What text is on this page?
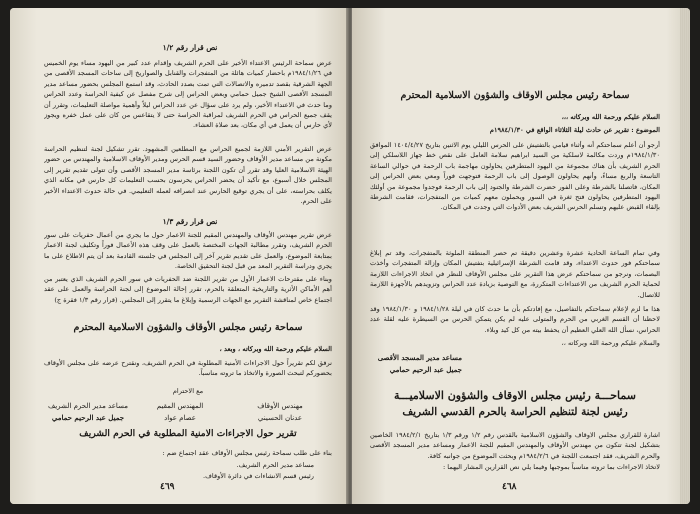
نص قرار رقم ١/٢
عرض سماحة الرئيس الاعتداء الأخير على الحرم الشريف وإقدام عدد كبير من اليهود مساء يوم الخميس في ١٩٨٤/١/٢٦م باحضار كميات هائلة من المتفجرات والقنابل والصواريخ إلى ساحات المسجد الأقصى من الجهة الشرقية بقصد تدميره والاتصالات التي تمت بصدد الحادث، وقد استمع المجلس بحضور مساعد مدير المسجد الأقصى الشيخ جميل حمامي وبعض الحراس إلى شرح مفصل عن كيفية الحراسة وعدد الحراس وما حدث في الاعتداء الأخير، ولم يرد على سؤال عن عدد الحراس ليلاً وأهمية مواصلة التعليمات، وتقرر أن يقف جميع الحراس في الحرم الشريف لمراقبة الحراسة حتى لا يتقاعس من كان على عمل خفره ويجوز لأي حارس أن يعمل في أي مكان، بعد صلاة العشاء.
عرض التقرير الأمني اللازمة لجميع الحراس مع المطلعين المشهود. تقرر تشكيل لجنة لتنظيم الحراسة مكونة من مساعد مدير الأوقاف وحضور السيد قسم الحرس ومدير الأوقاف الاسلامية والمهندس من حضور الهيئة الاسلامية العليا وقد تقرر أن تكون اللجنة برئاسة مدير المسجد الأقصى وأن تتولى تقديم تقرير إلى المجلس خلال أسبوع، مع تأكيد أن يحضر الحراس يحرسون بحسب التعليمات كل حارس في مكانه الذي يكلف بحراسته، على أن يجري توقيع الحارس عند انصرافه لعمله التعليمي. في حالة حدوث الاعتداء الأخير على الحرم.
نص قرار رقم ١/٣
عرض تقرير مهندس الأوقاف والمهندس المقيم للجنة الاعمار حول ما يجري من أعمال حفريات على سور الحرم الشريف، وتقرر مطالبة الجهات المختصة بالعمل على وقف هذه الأعمال فوراً وتكليف لجنة الاعمار بمتابعة الموضوع، والعمل على تقديم تقرير آخر إلى المجلس في جلسته القادمة بعد أن يتم الاطلاع على ما يجري ودراسة التقرير المعد من قبل لجنة التحقيق الخاصة.
وبناء على مقترحات الاعمار الأول من تقرير اللجنة ضد الحفريات في سور الحرم الشريف الذي يعتبر من أهم الأماكن الأثرية والتاريخية المتعلقة بالحرم، تقرر إحالة الموضوع إلى لجنة الحراسة والعمل على عقد اجتماع خاص لمناقشة التقرير مع الجهات الرسمية وإبلاغ ما يتقرر إلى المجلس. (قرار رقم ١/٣ فقرة ج)
سماحة رئيس مجلس الأوقاف والشؤون الاسلامية المحترم
السلام عليكم ورحمة الله وبركاته ، وبعد ،
نرفق لكم تقريراً حول الاجراءات الأمنية المطلوبة في الحرم الشريف، ونقترح عرضه على مجلس الأوقاف بحضوركم لتبحث الصورة والاتخاذ ما تروته مناسباً.
مع الاحترام
مساعد مدير الحرم الشريف
جميل عبد الرحيم حمامي
المهندس المقيم
عصام عواد
مهندس الأوقاف
عدنان الحسيني
تقرير حول الاجراءات الامنية المطلوبة في الحرم الشريف
بناء على طلب سماحة رئيس مجلس الأوقاف عقد اجتماع ضم :
مساعد مدير الحرم الشريف.
رئيس قسم الانشاءات في دائرة الأوقاف.
٤٦٩
سماحة رئيس مجلس الاوقاف والشؤون الاسلامية المحترم
السلام عليكم ورحمة الله وبركاته ،،،
الموضوع : تقرير عن حادث ليلة الثلاثاء الواقع في ١٩٨٤/١/٣٠م
أرجو أن أعلم سماحتكم أنه وأثناء قيامي بالتفتيش على الحرس الليلي يوم الاثنين بتاريخ ١٤٠٤/٤/٢٧ الموافق ١٩٨٤/١/٣٠م وردت مكالمة لاسلكية من السيد ابراهيم سلامة العامل على نقص خط جهاز اللاسلكي إلى الحرم الشريف بأن هناك مجموعة من اليهود المتطرفين يحاولون مهاجمة باب الرحمة في حوالي الساعة التاسعة والربع مساءً، وأنهم يحاولون الوصول إلى باب الرحمة فتوجهت فوراً ومعي بعض الحراس إلى المكان، فاتصلنا بالشرطة وعلى الفور حضرت الشرطة والجنود إلى باب الرحمة فوجدوا مجموعة من أولئك اليهود المتطرفين يحاولون فتح ثغرة في السور ويحملون معهم كميات من المتفجرات، فقامت الشرطة بإلقاء القبض عليهم وتسلم الحرس الشريف بعض الأدوات التي وجدت في المكان.
وفي تمام الساعة الحادية عشرة وعشرين دقيقة تم حصر المنطقة الملوثة بالمتفجرات، وقد تم إبلاغ سماحتكم فور حدوث الاعتداء، وقد قامت الشرطة الإسرائيلية بتفتيش المكان وإزالة المتفجرات وأخذت البصمات، ونرجو من سماحتكم عرض هذا التقرير على مجلس الأوقاف للنظر في اتخاذ الاجراءات اللازمة لحماية الحرم الشريف من الاعتداءات المتكررة، مع التوصية بزيادة عدد الحراس وتزويدهم بالأجهزة اللازمة للاتصال.
هذا ما لزم لإعلام سماحتكم بالتفاصيل، مع إفادتكم بأن ما حدث كان في ليلة ١٩٨٤/١/٢٨ و ١٩٨٤/١/٣٠ وقد لاحظنا أن القسم الغربي من الحرم والمتولى عليه لم يكن يتمكن الحرس من السيطرة عليه لقلة عدد الحراس، نسأل الله العلي العظيم أن يحفظ بيته من كل كيد وبلاء.
والسلام عليكم ورحمة الله وبركاته ،،
مساعد مدير المسجد الأقصى
جميل عبد الرحيم حمامي
سماحـــة رئيس مجلس الاوقاف والشؤون الاسلاميـــة
رئيس لجنة لتنظيم الحراسة بالحرم القدسي الشريف
اشارة للقراري مجلس الاوقاف والشؤون الاسلامية بالقدس رقم ١/٢ ورقم ١/٣ بتاريخ ١٩٨٤/٢/١ الخاصين بتشكيل لجنة تتكون من مهندس الأوقاف والمهندس المقيم للجنة الاعمار ومساعد مدير المسجد الأقصى والحرم الشريف، فقد اجتمعت اللجنة في ١٩٨٤/٢/٦م وبحثت الموضوع من جوانبه كافة.
لاتخاذ الاجراءات بما تروته مناسباً بموجبها وفيما يلي نص القرارين المشار اليهما :
٤٦٨
